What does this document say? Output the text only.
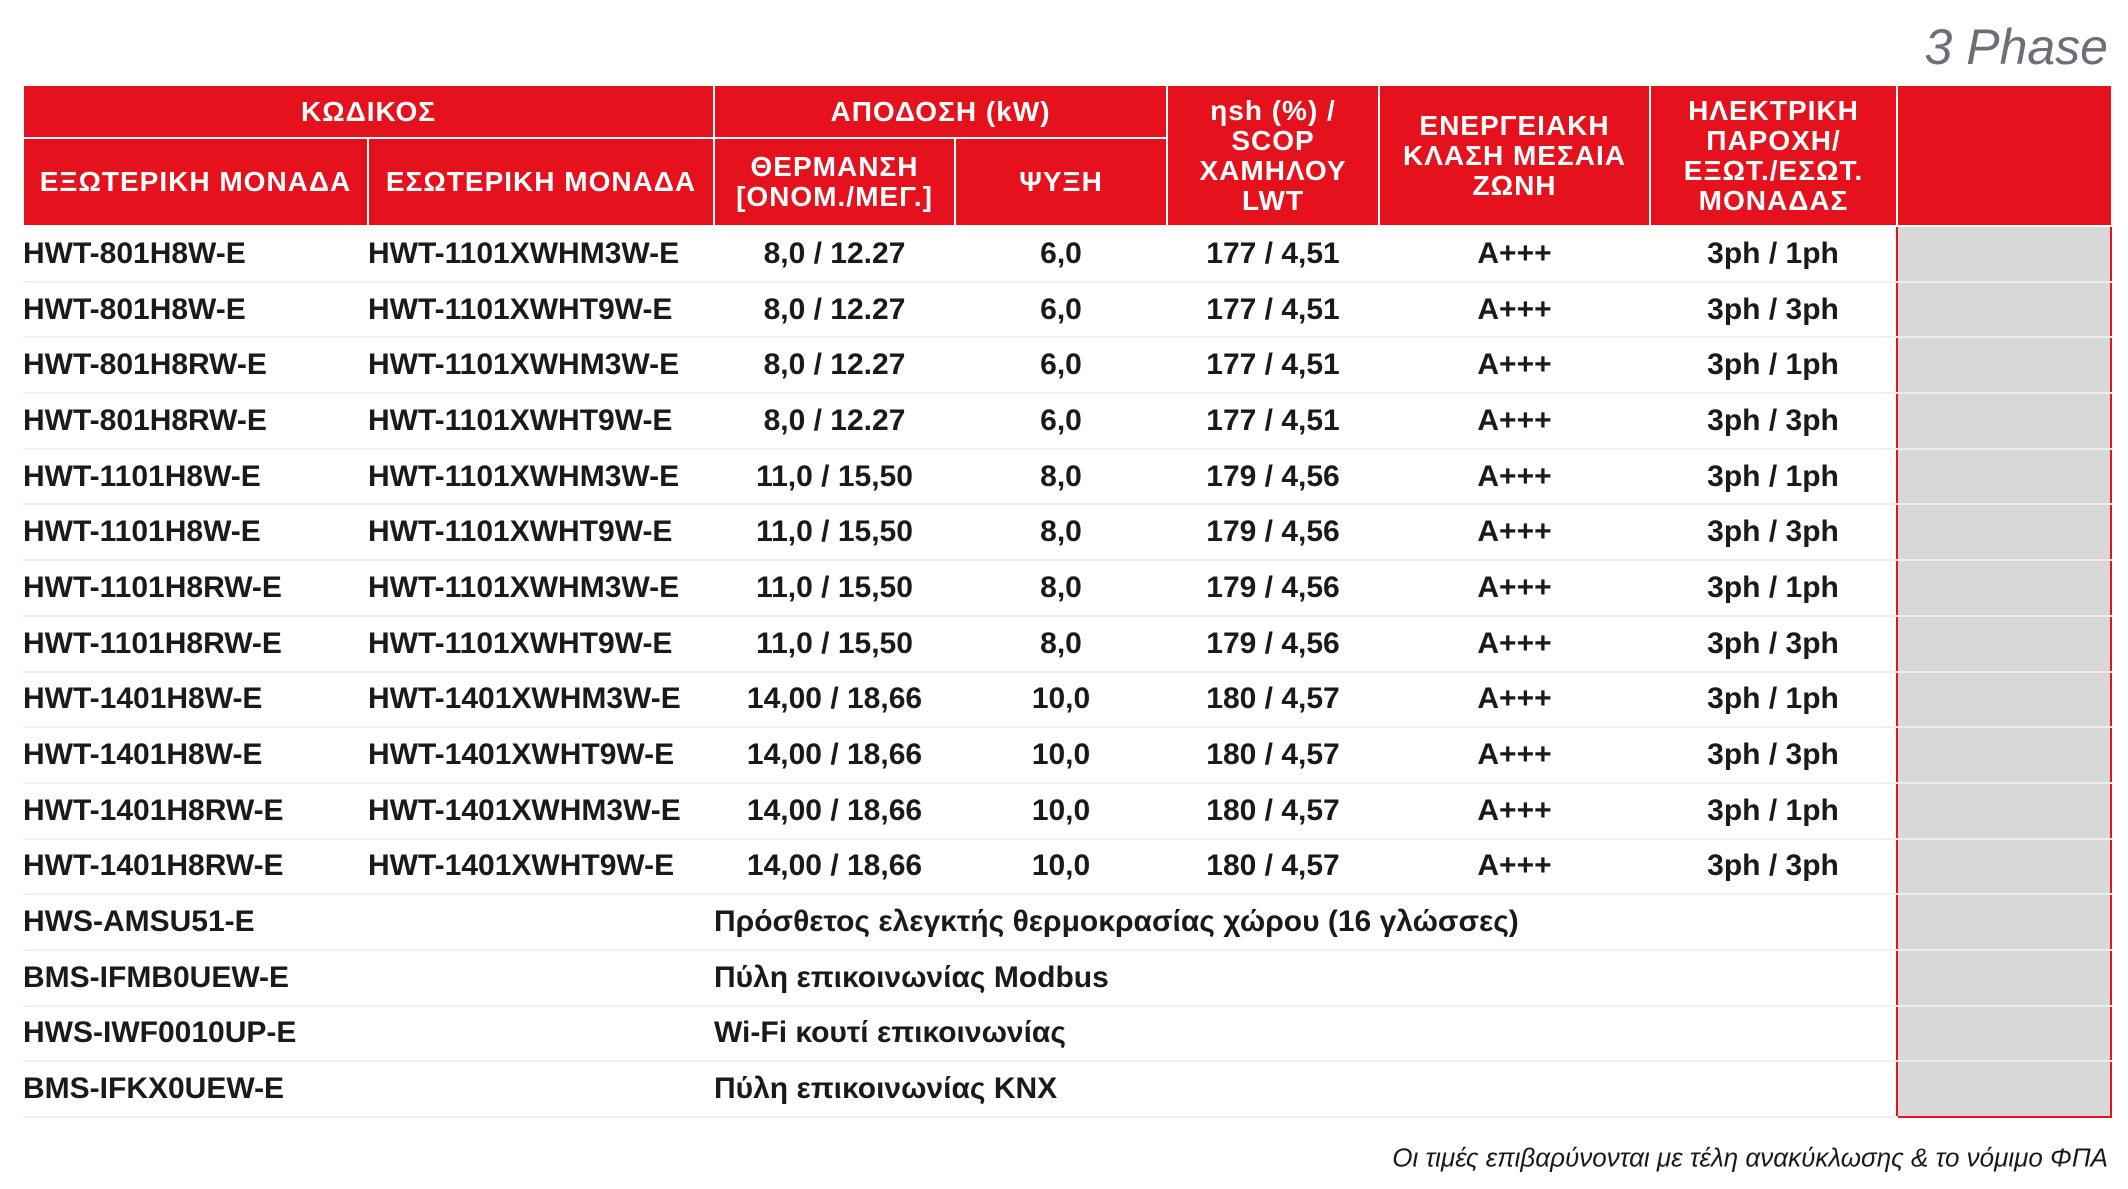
3 Phase
ΚΩΔΙΚΟΣ		ΑΠΟΔΟΣΗ (kW)		ηsh (%) / SCOP ΧΑΜΗΛΟΥ LWT	ΕΝΕΡΓΕΙΑΚΗ ΚΛΑΣΗ ΜΕΣΑΙΑ ΖΩΝΗ	ΗΛΕΚΤΡΙΚΗ ΠΑΡΟΧΗ/ ΕΞΩΤ./ΕΣΩΤ. ΜΟΝΑΔΑΣ	
ΕΞΩΤΕΡΙΚΗ ΜΟΝΑΔΑ	ΕΣΩΤΕΡΙΚΗ ΜΟΝΑΔΑ	ΘΕΡΜΑΝΣΗ [ΟΝΟΜ./ΜΕΓ.]	ΨΥΞΗ				
HWT-801H8W-E	HWT-1101XWHM3W-E	8,0 / 12.27	6,0	177 / 4,51	A+++	3ph / 1ph	
HWT-801H8W-E	HWT-1101XWHT9W-E	8,0 / 12.27	6,0	177 / 4,51	A+++	3ph / 3ph	
HWT-801H8RW-E	HWT-1101XWHM3W-E	8,0 / 12.27	6,0	177 / 4,51	A+++	3ph / 1ph	
HWT-801H8RW-E	HWT-1101XWHT9W-E	8,0 / 12.27	6,0	177 / 4,51	A+++	3ph / 3ph	
HWT-1101H8W-E	HWT-1101XWHM3W-E	11,0 / 15,50	8,0	179 / 4,56	A+++	3ph / 1ph	
HWT-1101H8W-E	HWT-1101XWHT9W-E	11,0 / 15,50	8,0	179 / 4,56	A+++	3ph / 3ph	
HWT-1101H8RW-E	HWT-1101XWHM3W-E	11,0 / 15,50	8,0	179 / 4,56	A+++	3ph / 1ph	
HWT-1101H8RW-E	HWT-1101XWHT9W-E	11,0 / 15,50	8,0	179 / 4,56	A+++	3ph / 3ph	
HWT-1401H8W-E	HWT-1401XWHM3W-E	14,00 / 18,66	10,0	180 / 4,57	A+++	3ph / 1ph	
HWT-1401H8W-E	HWT-1401XWHT9W-E	14,00 / 18,66	10,0	180 / 4,57	A+++	3ph / 3ph	
HWT-1401H8RW-E	HWT-1401XWHM3W-E	14,00 / 18,66	10,0	180 / 4,57	A+++	3ph / 1ph	
HWT-1401H8RW-E	HWT-1401XWHT9W-E	14,00 / 18,66	10,0	180 / 4,57	A+++	3ph / 3ph	
HWS-AMSU51-E		Πρόσθετος ελεγκτής θερμοκρασίας χώρου (16 γλώσσες)					
BMS-IFMB0UEW-E		Πύλη επικοινωνίας Modbus					
HWS-IWF0010UP-E		Wi-Fi κουτί επικοινωνίας					
BMS-IFKX0UEW-E		Πύλη επικοινωνίας KNX					
Οι τιμές επιβαρύνονται με τέλη ανακύκλωσης & το νόμιμο ΦΠΑ
